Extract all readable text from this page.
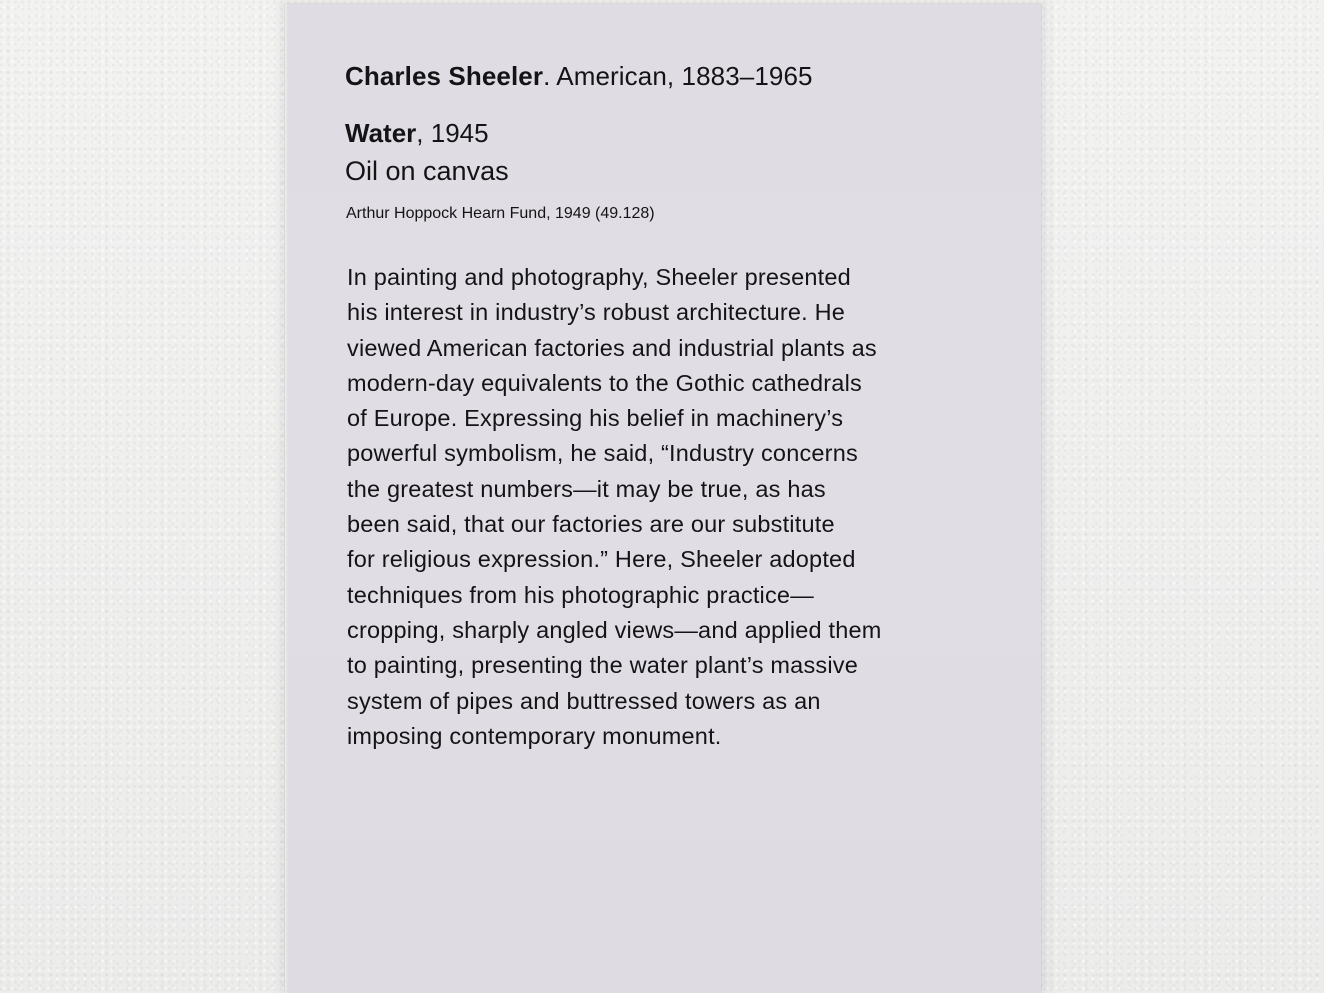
Charles Sheeler. American, 1883–1965
Water, 1945
Oil on canvas
Arthur Hoppock Hearn Fund, 1949 (49.128)
In painting and photography, Sheeler presented
his interest in industry’s robust architecture. He
viewed American factories and industrial plants as
modern-day equivalents to the Gothic cathedrals
of Europe. Expressing his belief in machinery’s
powerful symbolism, he said, “Industry concerns
the greatest numbers—it may be true, as has
been said, that our factories are our substitute
for religious expression.” Here, Sheeler adopted
techniques from his photographic practice—
cropping, sharply angled views—and applied them
to painting, presenting the water plant’s massive
system of pipes and buttressed towers as an
imposing contemporary monument.
